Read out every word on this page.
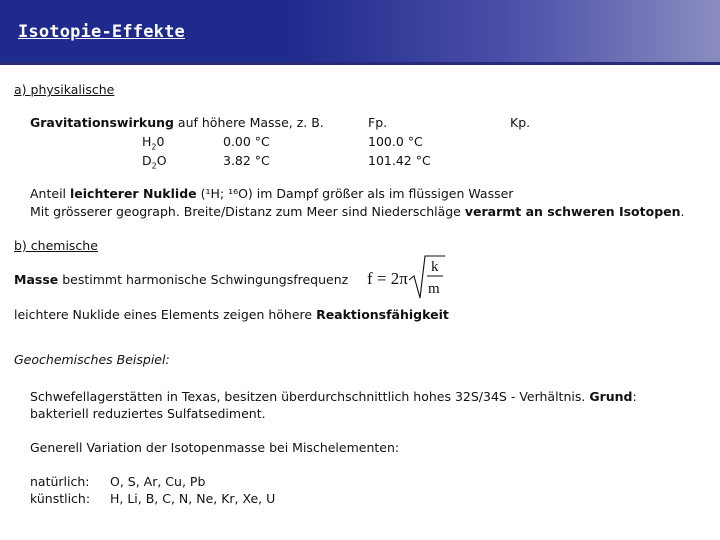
Isotopie-Effekte
a) physikalische
Gravitationswirkung auf höhere Masse, z. B.	Fp.	Kp.
$H_20$	0.00 °C	100.0 °C
$D_2O$	3.82 °C	101.42 °C
Anteil leichterer Nuklide (¹H; ¹⁶O) im Dampf größer als im flüssigen Wasser
Mit grösserer geograph. Breite/Distanz zum Meer sind Niederschläge verarmt an schweren Isotopen.
b) chemische
Masse bestimmt harmonische Schwingungsfrequenz f = 2π
k
m
leichtere Nuklide eines Elements zeigen höhere Reaktionsfähigkeit
Geochemisches Beispiel:
Schwefellagerstätten in Texas, besitzen überdurchschnittlich hohes 32S/34S - Verhältnis. Grund:
bakteriell reduziertes Sulfatsediment.
Generell Variation der Isotopenmasse bei Mischelementen:
natürlich: O, S, Ar, Cu, Pb
künstlich: H, Li, B, C, N, Ne, Kr, Xe, U
